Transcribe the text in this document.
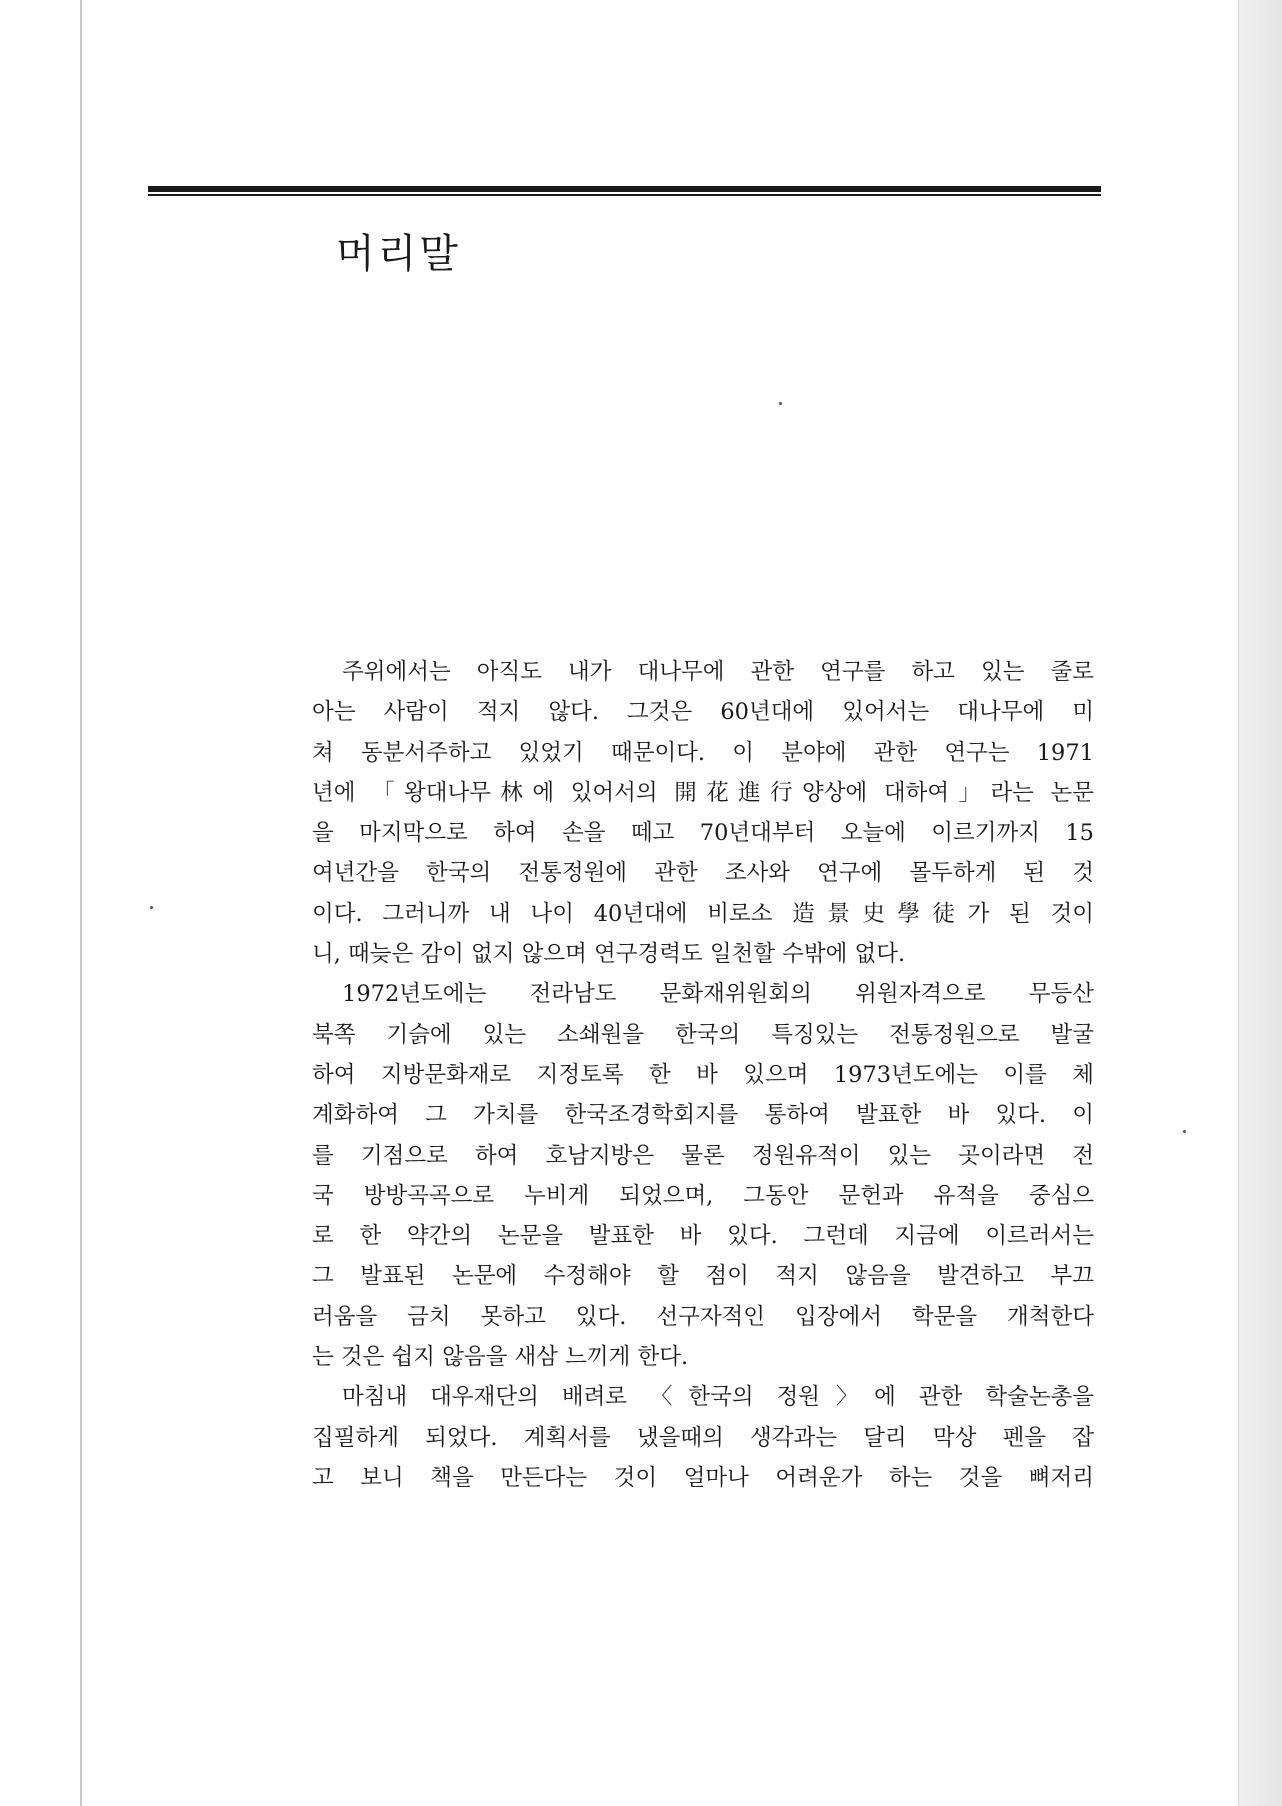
머리말
주위에서는 아직도 내가 대나무에 관한 연구를 하고 있는 줄로
아는 사람이 적지 않다. 그것은 60년대에 있어서는 대나무에 미
쳐 동분서주하고 있었기 때문이다. 이 분야에 관한 연구는 1971
년에 「왕대나무林에 있어서의 開花進行양상에 대하여」라는 논문
을 마지막으로 하여 손을 떼고 70년대부터 오늘에 이르기까지 15
여년간을 한국의 전통정원에 관한 조사와 연구에 몰두하게 된 것
이다. 그러니까 내 나이 40년대에 비로소 造景史學徒가 된 것이
니, 때늦은 감이 없지 않으며 연구경력도 일천할 수밖에 없다.
1972년도에는 전라남도 문화재위원회의 위원자격으로 무등산
북쪽 기슭에 있는 소쇄원을 한국의 특징있는 전통정원으로 발굴
하여 지방문화재로 지정토록 한 바 있으며 1973년도에는 이를 체
계화하여 그 가치를 한국조경학회지를 통하여 발표한 바 있다. 이
를 기점으로 하여 호남지방은 물론 정원유적이 있는 곳이라면 전
국 방방곡곡으로 누비게 되었으며, 그동안 문헌과 유적을 중심으
로 한 약간의 논문을 발표한 바 있다. 그런데 지금에 이르러서는
그 발표된 논문에 수정해야 할 점이 적지 않음을 발견하고 부끄
러움을 금치 못하고 있다. 선구자적인 입장에서 학문을 개척한다
는 것은 쉽지 않음을 새삼 느끼게 한다.
마침내 대우재단의 배려로 〈한국의 정원〉에 관한 학술논총을
집필하게 되었다. 계획서를 냈을때의 생각과는 달리 막상 펜을 잡
고 보니 책을 만든다는 것이 얼마나 어려운가 하는 것을 뼈저리
